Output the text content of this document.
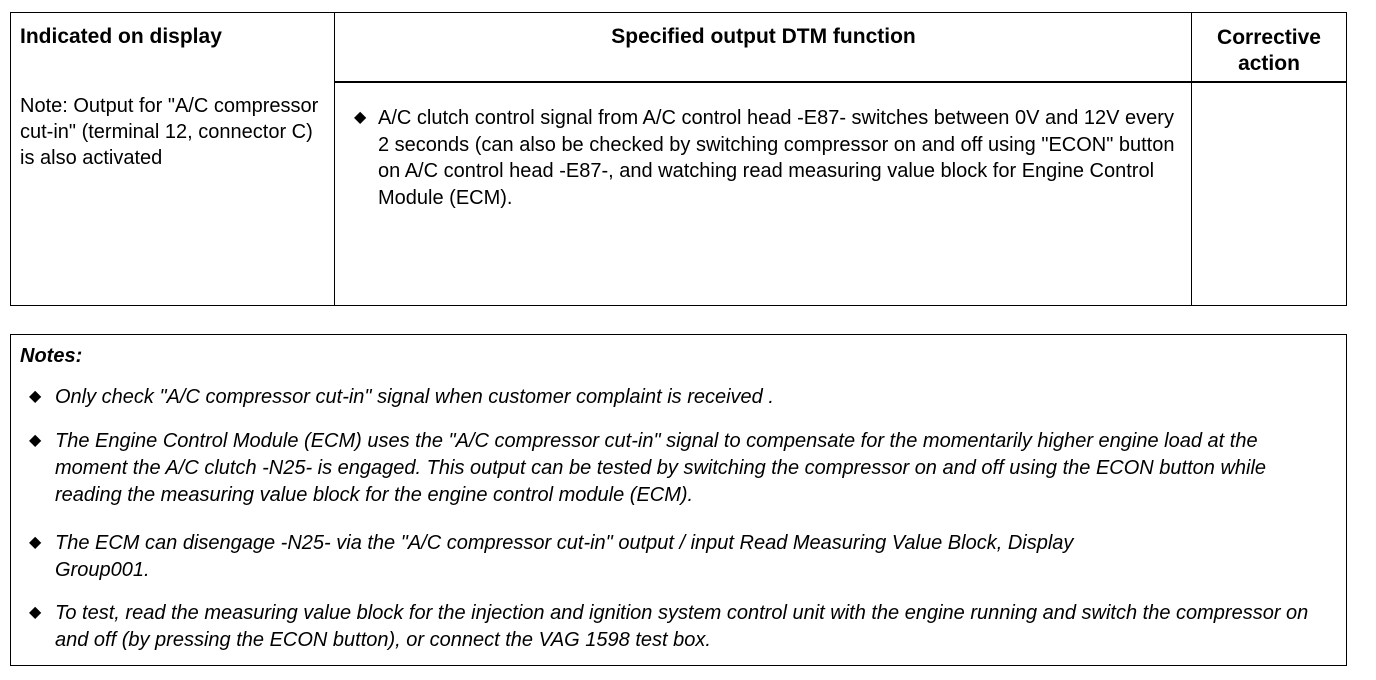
Indicated on display	Specified output DTM function	Corrective
action
Note: Output for "A/C compressor cut-in" (terminal 12, connector C) is also activated
◆ A/C clutch control signal from A/C control head -E87- switches between 0V and 12V every 2 seconds (can also be checked by switching compressor on and off using "ECON" button on A/C control head -E87-, and watching read measuring value block for Engine Control Module (ECM).
Notes:
◆ Only check "A/C compressor cut-in" signal when customer complaint is received .
◆ The Engine Control Module (ECM) uses the "A/C compressor cut-in" signal to compensate for the momentarily higher engine load at the moment the A/C clutch -N25- is engaged. This output can be tested by switching the compressor on and off using the ECON button while reading the measuring value block for the engine control module (ECM).
◆ The ECM can disengage -N25- via the "A/C compressor cut-in" output / input Read Measuring Value Block, Display Group001.
◆ To test, read the measuring value block for the injection and ignition system control unit with the engine running and switch the compressor on and off (by pressing the ECON button), or connect the VAG 1598 test box.
